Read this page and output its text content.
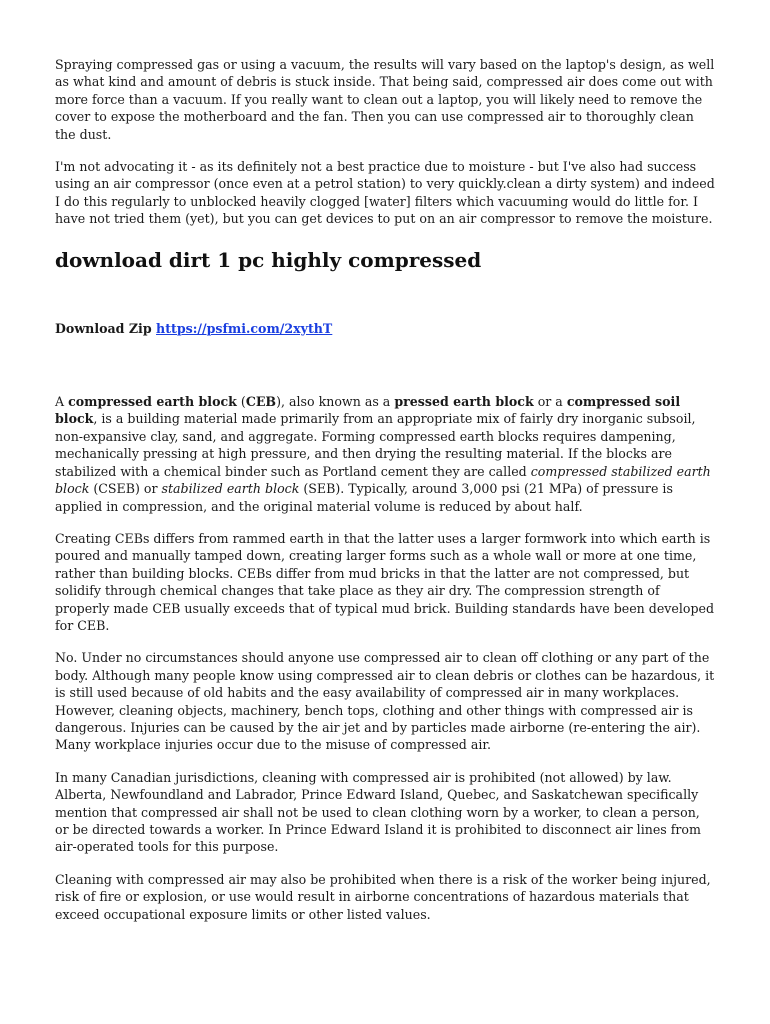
Spraying compressed gas or using a vacuum, the results will vary based on the laptop's design, as well as what kind and amount of debris is stuck inside. That being said, compressed air does come out with more force than a vacuum. If you really want to clean out a laptop, you will likely need to remove the cover to expose the motherboard and the fan. Then you can use compressed air to thoroughly clean the dust.

I'm not advocating it - as its definitely not a best practice due to moisture - but I've also had success using an air compressor (once even at a petrol station) to very quickly.clean a dirty system) and indeed I do this regularly to unblocked heavily clogged [water] filters which vacuuming would do little for. I have not tried them (yet), but you can get devices to put on an air compressor to remove the moisture.

download dirt 1 pc highly compressed
Download Zip https://psfmi.com/2xythT

A compressed earth block (CEB), also known as a pressed earth block or a compressed soil block, is a building material made primarily from an appropriate mix of fairly dry inorganic subsoil, non-expansive clay, sand, and aggregate. Forming compressed earth blocks requires dampening, mechanically pressing at high pressure, and then drying the resulting material. If the blocks are stabilized with a chemical binder such as Portland cement they are called compressed stabilized earth block (CSEB) or stabilized earth block (SEB). Typically, around 3,000 psi (21 MPa) of pressure is applied in compression, and the original material volume is reduced by about half.

Creating CEBs differs from rammed earth in that the latter uses a larger formwork into which earth is poured and manually tamped down, creating larger forms such as a whole wall or more at one time, rather than building blocks. CEBs differ from mud bricks in that the latter are not compressed, but solidify through chemical changes that take place as they air dry. The compression strength of properly made CEB usually exceeds that of typical mud brick. Building standards have been developed for CEB.

No. Under no circumstances should anyone use compressed air to clean off clothing or any part of the body. Although many people know using compressed air to clean debris or clothes can be hazardous, it is still used because of old habits and the easy availability of compressed air in many workplaces. However, cleaning objects, machinery, bench tops, clothing and other things with compressed air is dangerous. Injuries can be caused by the air jet and by particles made airborne (re-entering the air). Many workplace injuries occur due to the misuse of compressed air.

In many Canadian jurisdictions, cleaning with compressed air is prohibited (not allowed) by law. Alberta, Newfoundland and Labrador, Prince Edward Island, Quebec, and Saskatchewan specifically mention that compressed air shall not be used to clean clothing worn by a worker, to clean a person, or be directed towards a worker. In Prince Edward Island it is prohibited to disconnect air lines from air-operated tools for this purpose.

Cleaning with compressed air may also be prohibited when there is a risk of the worker being injured, risk of fire or explosion, or use would result in airborne concentrations of hazardous materials that exceed occupational exposure limits or other listed values.
